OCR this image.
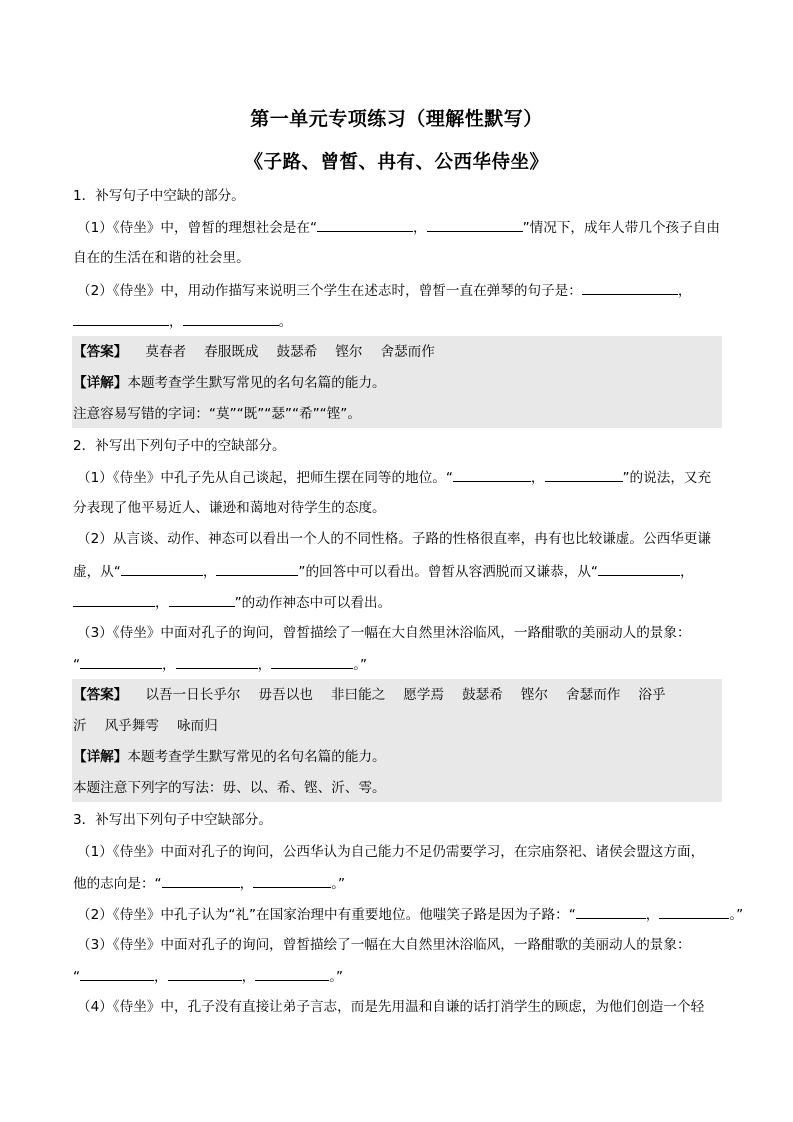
第一单元专项练习（理解性默写）
《子路、曾皙、冉有、公西华侍坐》
1．补写句子中空缺的部分。
（1）《侍坐》中，曾皙的理想社会是在“	，	”情况下，成年人带几个孩子自由
自在的生活在和谐的社会里。
（2）《侍坐》中，用动作描写来说明三个学生在述志时，曾皙一直在弹琴的句子是：	，
，	。
【答案】 莫春者 春服既成 鼓瑟希 铿尔 舍瑟而作
【详解】本题考查学生默写常见的名句名篇的能力。
注意容易写错的字词：“莫”“既”“瑟”“希”“铿”。
2．补写出下列句子中的空缺部分。
（1）《侍坐》中孔子先从自己谈起，把师生摆在同等的地位。“	，	”的说法，又充
分表现了他平易近人、谦逊和蔼地对待学生的态度。
（2）从言谈、动作、神态可以看出一个人的不同性格。子路的性格很直率，冉有也比较谦虚。公西华更谦
虚，从“	，	”的回答中可以看出。曾皙从容洒脱而又谦恭，从“	，
，	”的动作神态中可以看出。
（3）《侍坐》中面对孔子的询问，曾皙描绘了一幅在大自然里沐浴临风，一路酣歌的美丽动人的景象：
“	，	，	。”
【答案】 以吾一日长乎尔 毋吾以也 非曰能之 愿学焉 鼓瑟希 铿尔 舍瑟而作 浴乎
沂 风乎舞雩 咏而归
【详解】本题考查学生默写常见的名句名篇的能力。
本题注意下列字的写法：毋、以、希、铿、沂、雩。
3．补写出下列句子中空缺部分。
（1）《侍坐》中面对孔子的询问，公西华认为自己能力不足仍需要学习，在宗庙祭祀、诸侯会盟这方面，
他的志向是：“	，	。”
（2）《侍坐》中孔子认为“礼”在国家治理中有重要地位。他嗤笑子路是因为子路：“	，	。”
（3）《侍坐》中面对孔子的询问，曾皙描绘了一幅在大自然里沐浴临风，一路酣歌的美丽动人的景象：
“	，	，	。”
（4）《侍坐》中，孔子没有直接让弟子言志，而是先用温和自谦的话打消学生的顾虑，为他们创造一个轻
